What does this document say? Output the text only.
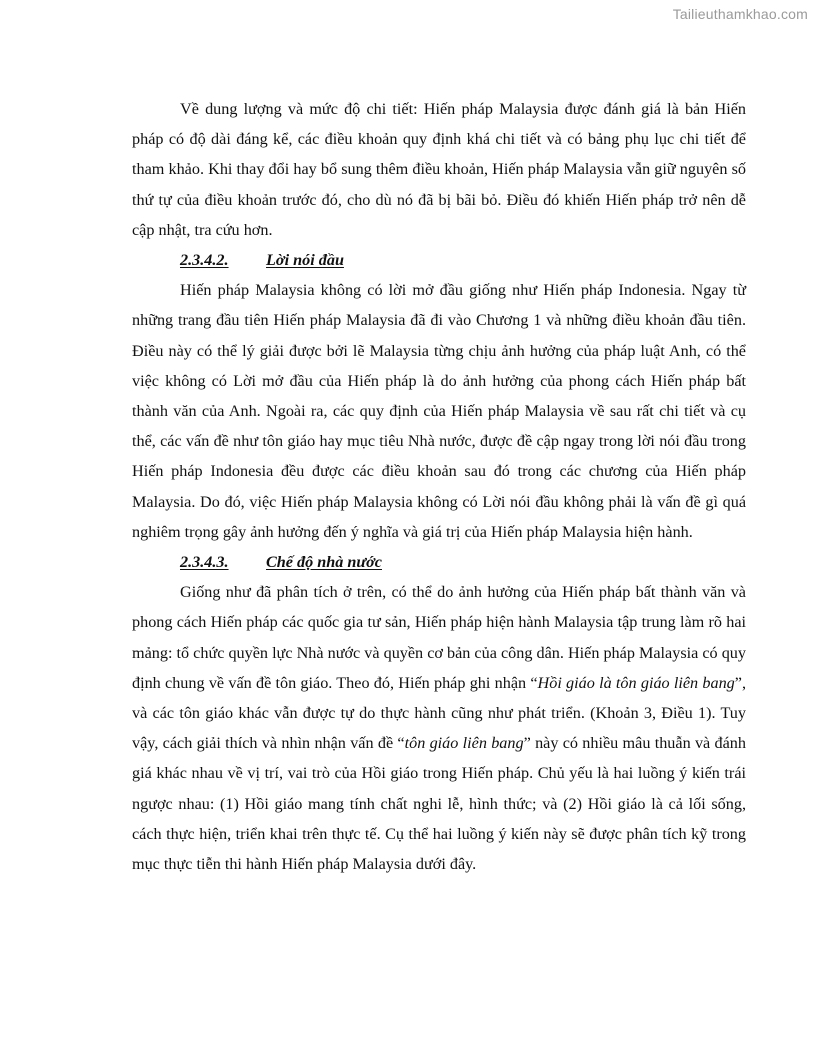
Tailieuthamkhao.com

Về dung lượng và mức độ chi tiết: Hiến pháp Malaysia được đánh giá là bản Hiến pháp có độ dài đáng kể, các điều khoản quy định khá chi tiết và có bảng phụ lục chi tiết để tham khảo. Khi thay đổi hay bổ sung thêm điều khoản, Hiến pháp Malaysia vẫn giữ nguyên số thứ tự của điều khoản trước đó, cho dù nó đã bị bãi bỏ. Điều đó khiến Hiến pháp trở nên dễ cập nhật, tra cứu hơn.

2.3.4.2. Lời nói đầu

Hiến pháp Malaysia không có lời mở đầu giống như Hiến pháp Indonesia. Ngay từ những trang đầu tiên Hiến pháp Malaysia đã đi vào Chương 1 và những điều khoản đầu tiên. Điều này có thể lý giải được bởi lẽ Malaysia từng chịu ảnh hưởng của pháp luật Anh, có thể việc không có Lời mở đầu của Hiến pháp là do ảnh hưởng của phong cách Hiến pháp bất thành văn của Anh. Ngoài ra, các quy định của Hiến pháp Malaysia về sau rất chi tiết và cụ thể, các vấn đề như tôn giáo hay mục tiêu Nhà nước, được đề cập ngay trong lời nói đầu trong Hiến pháp Indonesia đều được các điều khoản sau đó trong các chương của Hiến pháp Malaysia. Do đó, việc Hiến pháp Malaysia không có Lời nói đầu không phải là vấn đề gì quá nghiêm trọng gây ảnh hưởng đến ý nghĩa và giá trị của Hiến pháp Malaysia hiện hành.

2.3.4.3. Chế độ nhà nước

Giống như đã phân tích ở trên, có thể do ảnh hưởng của Hiến pháp bất thành văn và phong cách Hiến pháp các quốc gia tư sản, Hiến pháp hiện hành Malaysia tập trung làm rõ hai mảng: tổ chức quyền lực Nhà nước và quyền cơ bản của công dân. Hiến pháp Malaysia có quy định chung về vấn đề tôn giáo. Theo đó, Hiến pháp ghi nhận “Hồi giáo là tôn giáo liên bang”, và các tôn giáo khác vẫn được tự do thực hành cũng như phát triển. (Khoản 3, Điều 1). Tuy vậy, cách giải thích và nhìn nhận vấn đề “tôn giáo liên bang” này có nhiều mâu thuẫn và đánh giá khác nhau về vị trí, vai trò của Hồi giáo trong Hiến pháp. Chủ yếu là hai luồng ý kiến trái ngược nhau: (1) Hồi giáo mang tính chất nghi lễ, hình thức; và (2) Hồi giáo là cả lối sống, cách thực hiện, triển khai trên thực tế. Cụ thể hai luồng ý kiến này sẽ được phân tích kỹ trong mục thực tiễn thi hành Hiến pháp Malaysia dưới đây.
